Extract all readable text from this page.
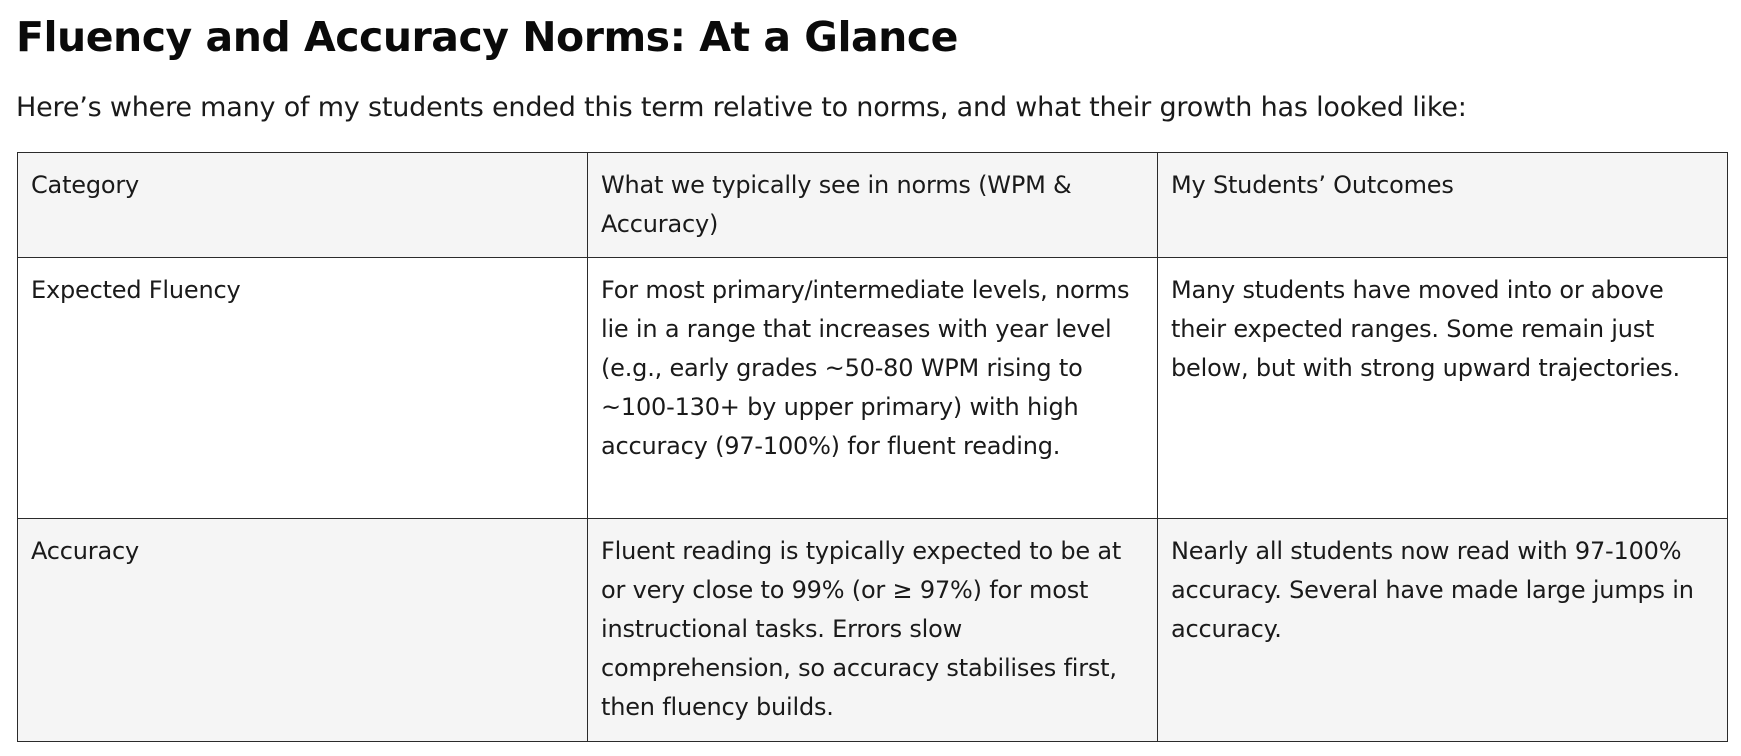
Fluency and Accuracy Norms: At a Glance

Here’s where many of my students ended this term relative to norms, and what their growth has looked like:

Category	What we typically see in norms (WPM & Accuracy)	My Students’ Outcomes
Expected Fluency	For most primary/intermediate levels, norms lie in a range that increases with year level (e.g., early grades ~50-80 WPM rising to ~100-130+ by upper primary) with high accuracy (97-100%) for fluent reading.	Many students have moved into or above their expected ranges. Some remain just below, but with strong upward trajectories.
Accuracy	Fluent reading is typically expected to be at or very close to 99% (or ≥ 97%) for most instructional tasks. Errors slow comprehension, so accuracy stabilises first, then fluency builds.	Nearly all students now read with 97-100% accuracy. Several have made large jumps in accuracy.
